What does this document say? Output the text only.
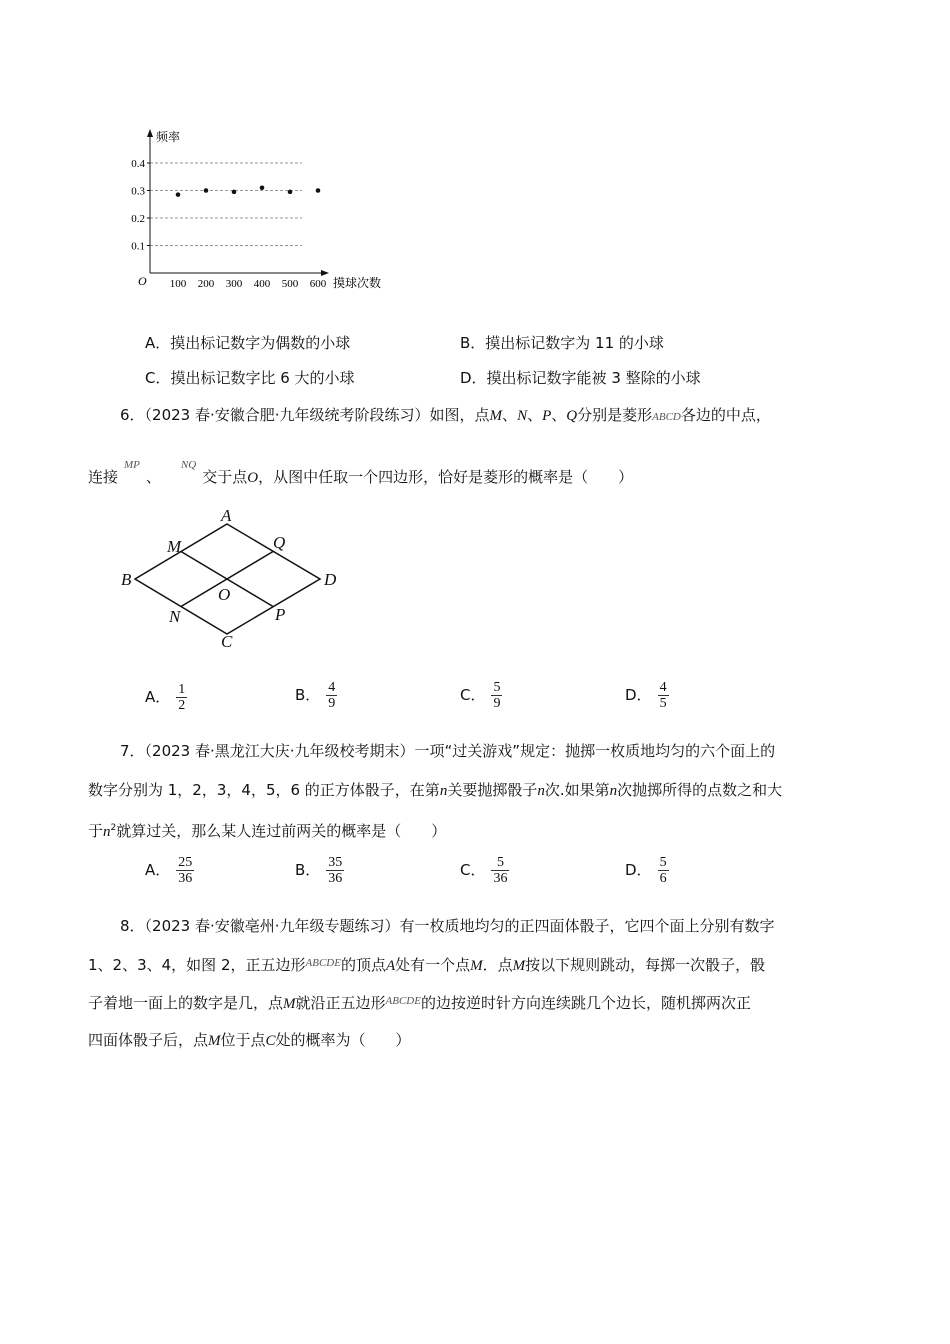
0.1
0.2
0.3
0.4
100 200 300 400 500 600
频率
摸球次数
O
A．摸出标记数字为偶数的小球	B．摸出标记数字为 11 的小球
C．摸出标记数字比 6 大的小球	D．摸出标记数字能被 3 整除的小球
6．（2023 春·安徽合肥·九年级统考阶段练习）如图，点M、N、P、Q分别是菱形ABCD各边的中点，
连接$^{MP}$、$^{NQ}$交于点O，从图中任取一个四边形，恰好是菱形的概率是（　　）
A
B
C
D
M
N	P
Q
O
A． $\frac{1}{2}$	B． $\frac{4}{9}$	C． $\frac{5}{9}$	D． $\frac{4}{5}$
7．（2023 春·黑龙江大庆·九年级校考期末）一项“过关游戏”规定：抛掷一枚质地均匀的六个面上的
数字分别为 1，2，3，4，5，6 的正方体骰子，在第n关要抛掷骰子n次.如果第n次抛掷所得的点数之和大
于$n^2$就算过关，那么某人连过前两关的概率是（　　）
A． $\frac{25}{36}$	B． $\frac{35}{36}$	C． $\frac{5}{36}$	D． $\frac{5}{6}$
8．（2023 春·安徽亳州·九年级专题练习）有一枚质地均匀的正四面体骰子，它四个面上分别有数字
1、2、3、4，如图 2，正五边形$^{ABCDE}$的顶点A处有一个点M．点M按以下规则跳动，每掷一次骰子，骰
子着地一面上的数字是几，点M就沿正五边形$^{ABCDE}$的边按逆时针方向连续跳几个边长，随机掷两次正
四面体骰子后，点M位于点C处的概率为（　　）
